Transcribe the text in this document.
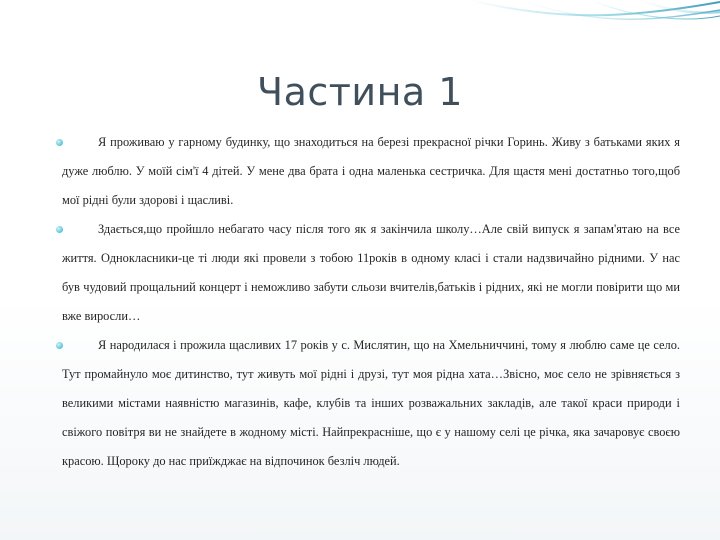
Частина 1
Я проживаю у гарному будинку, що знаходиться на березі прекрасної річки Горинь. Живу з батьками яких я дуже люблю. У моїй сім'ї 4 дітей. У мене два брата і одна маленька сестричка. Для щастя мені достатньо того,щоб мої рідні були здорові і щасливі.
Здається,що пройшло небагато часу після того як я закінчила школу…Але свій випуск я запам'ятаю на все життя. Однокласники-це ті люди які провели з тобою 11років в одному класі і стали надзвичайно рідними. У нас був чудовий прощальний концерт і неможливо забути сльози вчителів,батьків і рідних, які не могли повірити що ми вже виросли…
Я народилася і прожила щасливих 17 років у с. Мислятин, що на Хмельниччині, тому я люблю саме це село. Тут промайнуло моє дитинство, тут живуть мої рідні і друзі, тут моя рідна хата…Звісно, моє село не зрівняється з великими містами наявністю магазинів, кафе, клубів та інших розважальних закладів, але такої краси природи і свіжого повітря ви не знайдете в жодному місті. Найпрекрасніше, що є у нашому селі це річка, яка зачаровує своєю красою. Щороку до нас приїжджає на відпочинок безліч людей.
